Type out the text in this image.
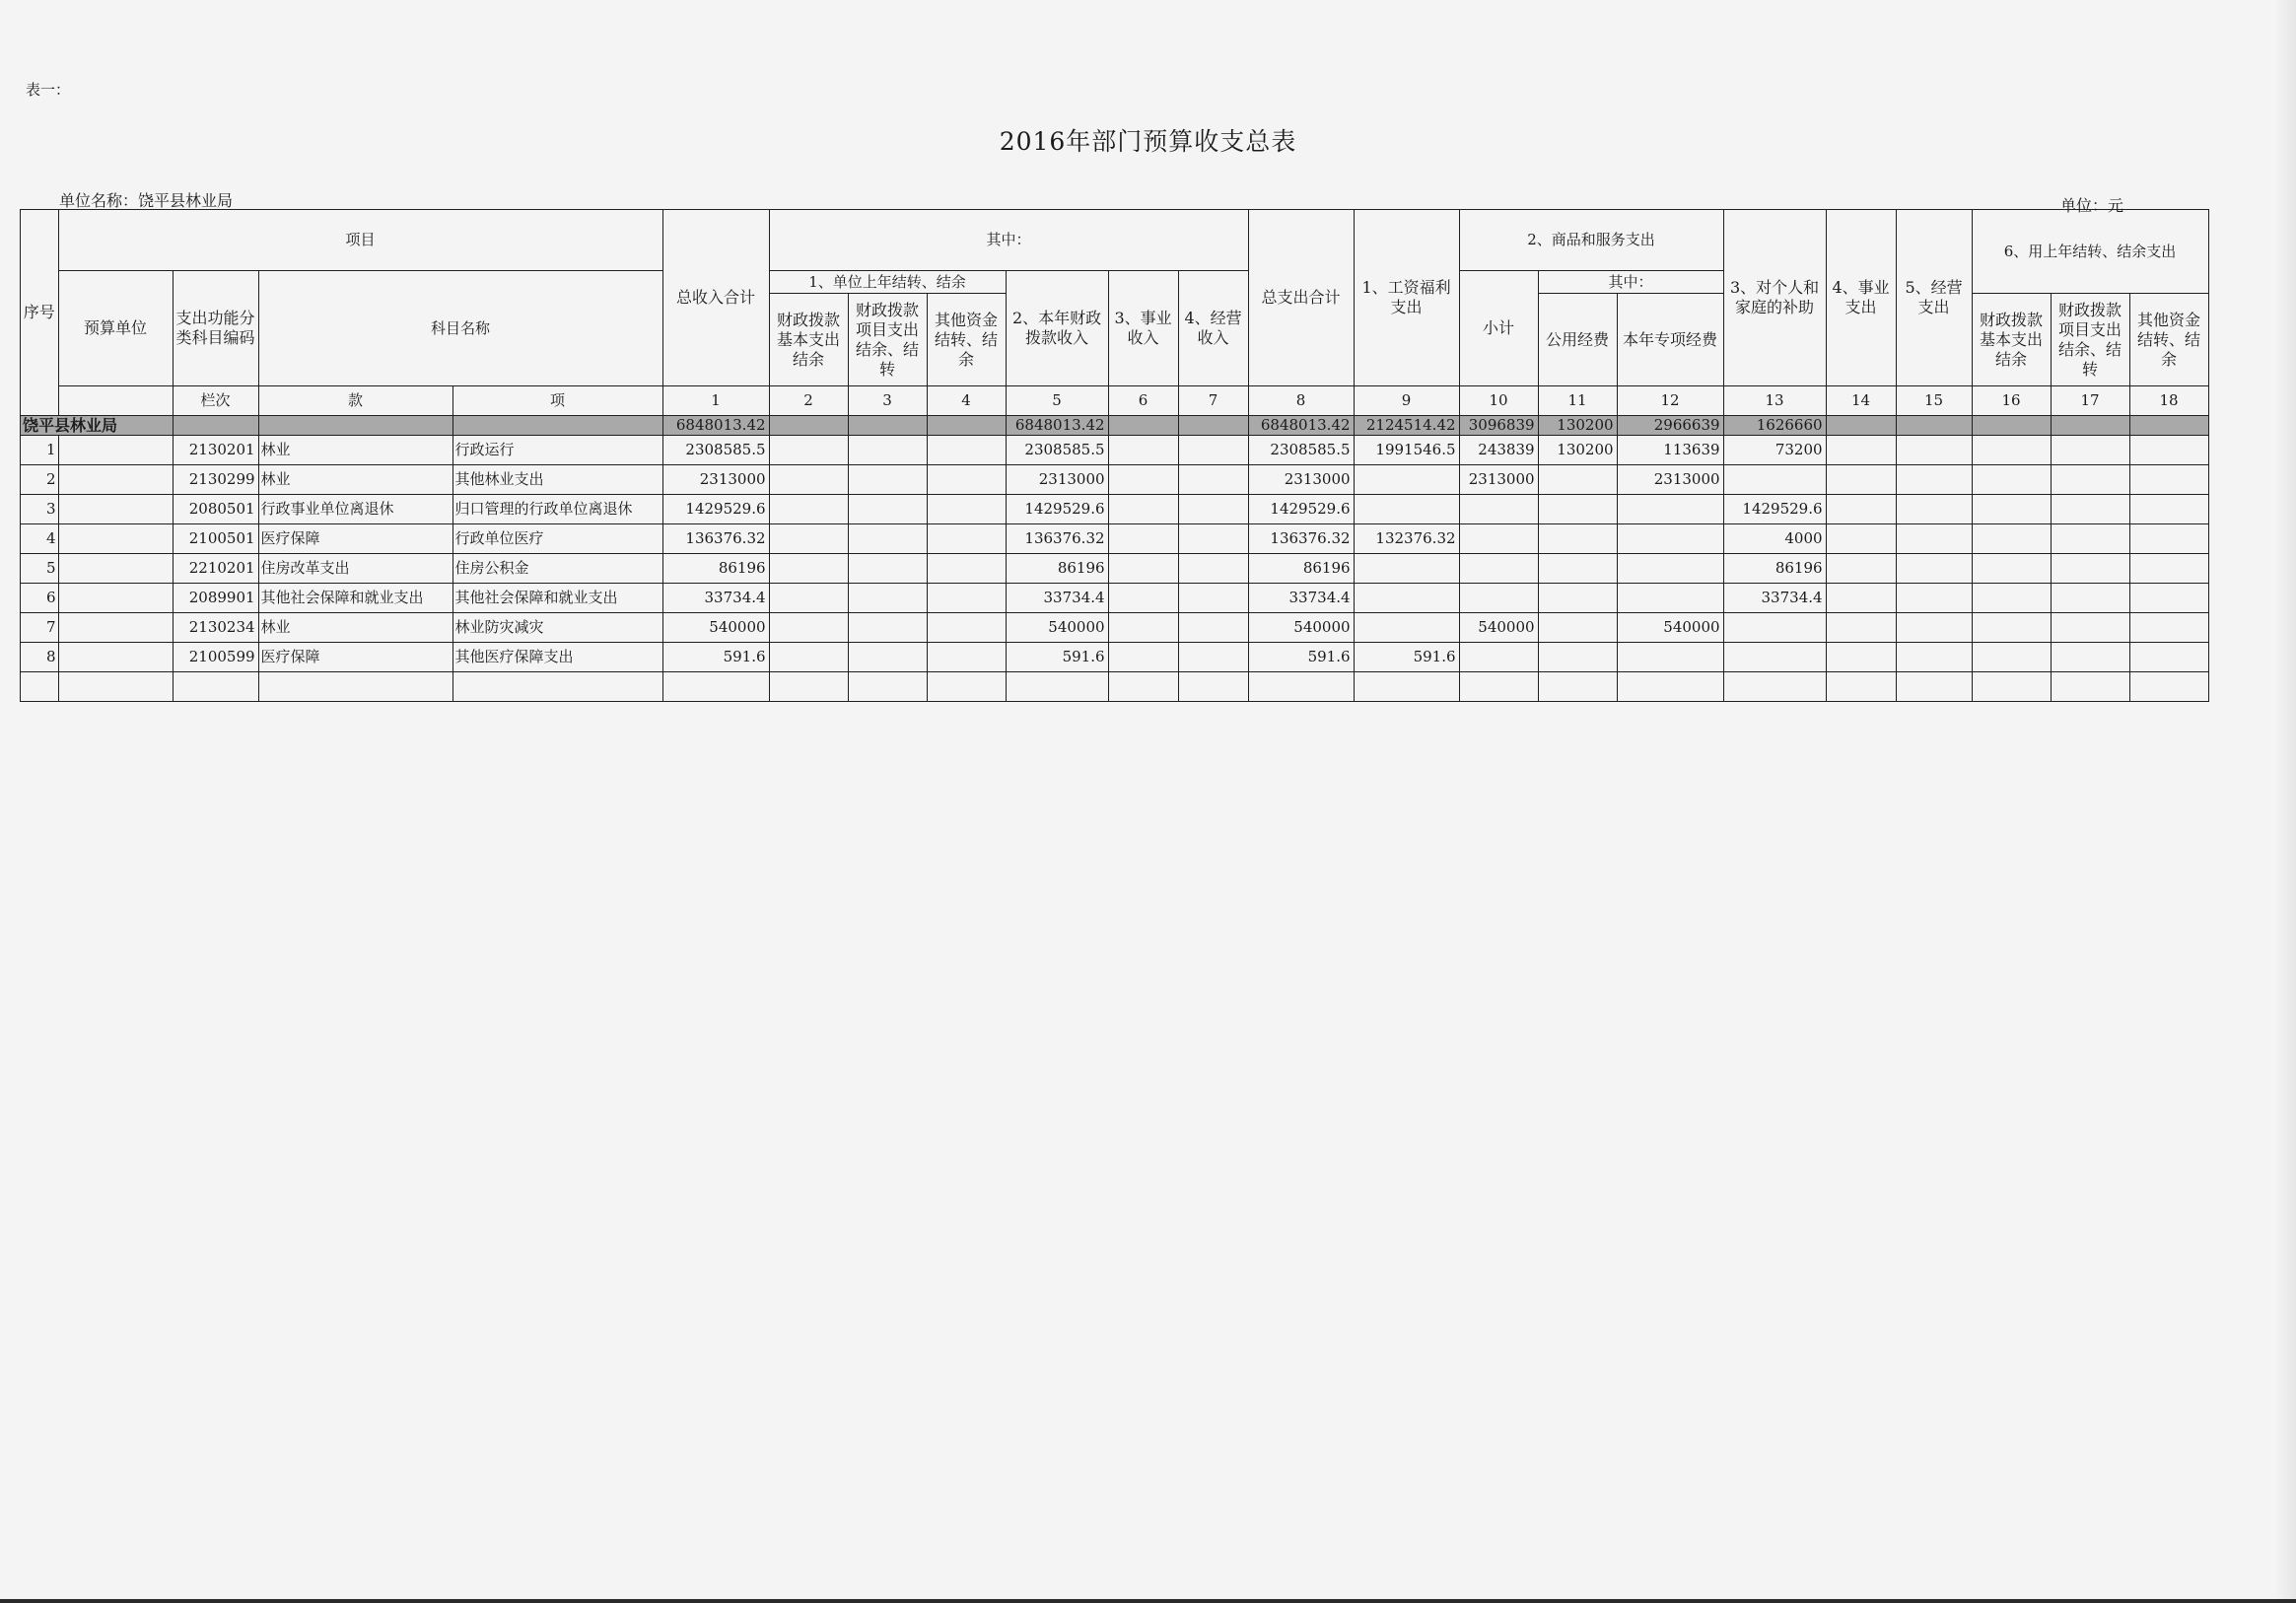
表一：
2016年部门预算收支总表
单位名称：饶平县林业局	单位：元
序号	项目				总收入合计	其中：						总支出合计	1、工资福利支出	2、商品和服务支出			3、对个人和家庭的补助	4、事业支出	5、经营支出	6、用上年结转、结余支出		
	预算单位	支出功能分类科目编码	科目名称			1、单位上年结转、结余			2、本年财政拨款收入	3、事业收入	4、经营收入			小计	其中：							
						财政拨款基本支出结余	财政拨款项目支出结余、结转	其他资金结转、结余							公用经费	本年专项经费				财政拨款基本支出结余	财政拨款项目支出结余、结转	其他资金结转、结余
		栏次	款	项	1	2	3	4	5	6	7	8	9	10	11	12	13	14	15	16	17	18
饶平县林业局					6848013.42				6848013.42			6848013.42	2124514.42	3096839	130200	2966639	1626660					
1		2130201	林业	行政运行	2308585.5				2308585.5			2308585.5	1991546.5	243839	130200	113639	73200					
2		2130299	林业	其他林业支出	2313000				2313000			2313000		2313000		2313000						
3		2080501	行政事业单位离退休	归口管理的行政单位离退休	1429529.6				1429529.6			1429529.6					1429529.6					
4		2100501	医疗保障	行政单位医疗	136376.32				136376.32			136376.32	132376.32				4000					
5		2210201	住房改革支出	住房公积金	86196				86196			86196					86196					
6		2089901	其他社会保障和就业支出	其他社会保障和就业支出	33734.4				33734.4			33734.4					33734.4					
7		2130234	林业	林业防灾减灾	540000				540000			540000		540000		540000						
8		2100599	医疗保障	其他医疗保障支出	591.6				591.6			591.6	591.6									
